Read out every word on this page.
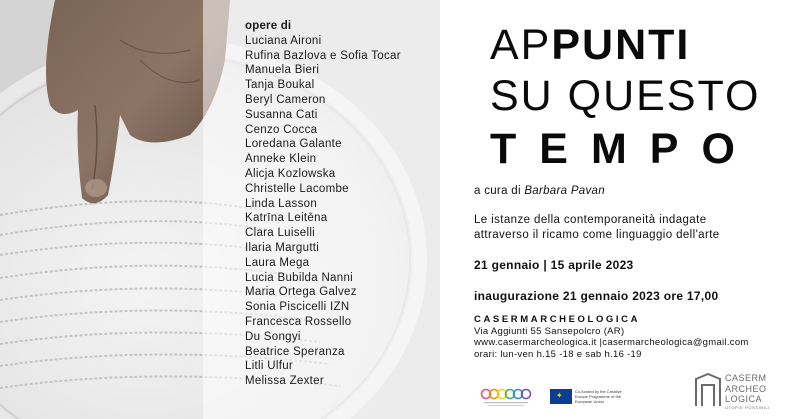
opere di
Luciana Aironi
Rufina Bazlova e Sofia Tocar
Manuela Bieri
Tanja Boukal
Beryl Cameron
Susanna Cati
Cenzo Cocca
Loredana Galante
Anneke Klein
Alicja Kozlowska
Christelle Lacombe
Linda Lasson
Katrīna Leitēna
Clara Luiselli
Ilaria Margutti
Laura Mega
Lucia Bubilda Nanni
Maria Ortega Galvez
Sonia Piscicelli IZN
Francesca Rossello
Du Songyi
Beatrice Speranza
Litli Ulfur
Melissa Zexter
APPUNTI
SU QUESTO
TEMPO
a cura di Barbara Pavan
Le istanze della contemporaneità indagate
attraverso il ricamo come linguaggio dell'arte
21 gennaio | 15 aprile 2023
inaugurazione 21 gennaio 2023 ore 17,00
CASERMARCHEOLOGICA
Via Aggiunti 55 Sansepolcro (AR)
www.casermarcheologica.it |casermarcheologica@gmail.com
orari: lun-ven h.15 -18 e sab h.16 -19
✦	Co-funded by the Creative Europe Programme of the European Union
CASERM
ARCHEO
LOGICA
UTOPIE POSSIBILI
